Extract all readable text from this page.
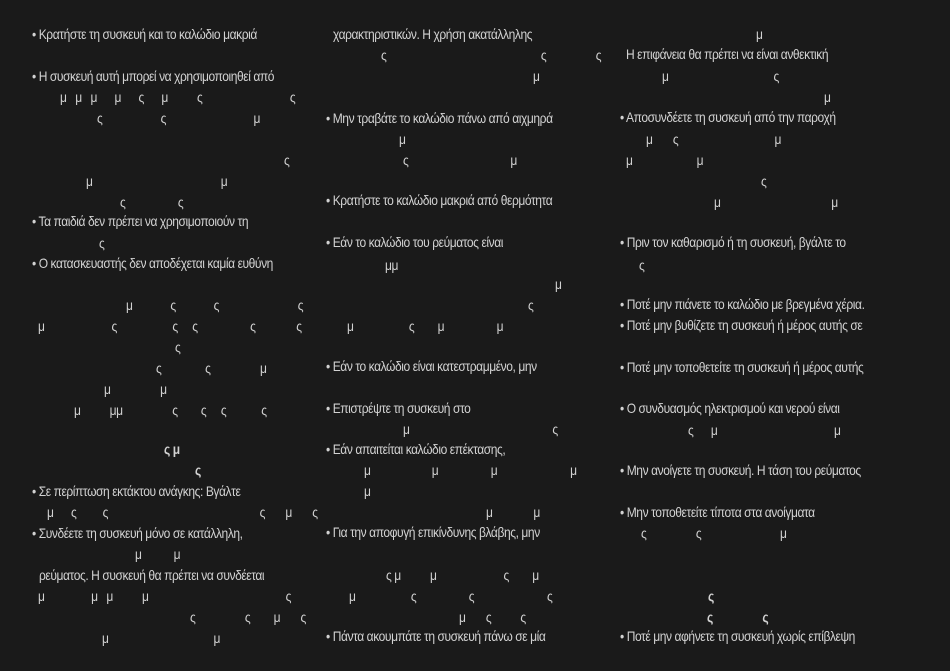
• Κρατήστε τη συσκευή και το καλώδιο μακριά
• Η συσκευή αυτή μπορεί να χρησιμοποιηθεί από
μ   μ   μ      μ      ς      μ          ς                              ς
ς                    ς                              μ
ς
μ                                            μ
ς                  ς
• Τα παιδιά δεν πρέπει να χρησιμοποιούν τη
ς
• Ο κατασκευαστής δεν αποδέχεται καμία ευθύνη
μ             ς             ς                           ς
μ                       ς                   ς     ς                  ς              ς
ς
ς               ς                 μ
μ                 μ
μ          μμ                 ς        ς     ς            ς
ς μ
ς
• Σε περίπτωση εκτάκτου ανάγκης: Βγάλτε
μ      ς         ς                                                    ς       μ       ς
• Συνδέετε τη συσκευή μόνο σε κατάλληλη,
μ           μ
ρεύματος. Η συσκευή θα πρέπει να συνδέεται
μ                μ   μ          μ                                               ς
ς                 ς        μ       ς
μ                                    μ
χαρακτηριστικών. Η χρήση ακατάλληλης
ς                                                     ς                 ς
μ
• Μην τραβάτε το καλώδιο πάνω από αιχμηρά
μ
ς                                   μ
• Κρατήστε το καλώδιο μακριά από θερμότητα
• Εάν το καλώδιο του ρεύματος είναι
μμ
μ
ς
μ                   ς        μ                  μ
• Εάν το καλώδιο είναι κατεστραμμένο, μην
• Επιστρέψτε τη συσκευή στο
μ                                                 ς
• Εάν απαιτείται καλώδιο επέκτασης,
μ                     μ                  μ                         μ
μ
μ              μ
• Για την αποφυγή επικίνδυνης βλάβης, μην
ς μ          μ                       ς        μ
μ                   ς                  ς                         ς
μ       ς          ς
• Πάντα ακουμπάτε τη συσκευή πάνω σε μία
μ
Η επιφάνεια θα πρέπει να είναι ανθεκτική
μ                                    ς
μ
• Αποσυνδέετε τη συσκευή από την παροχή
μ       ς                                 μ
μ                      μ
ς
μ                                      μ
• Πριν τον καθαρισμό ή τη συσκευή, βγάλτε το
ς
• Ποτέ μην πιάνετε το καλώδιο με βρεγμένα χέρια.
• Ποτέ μην βυθίζετε τη συσκευή ή μέρος αυτής σε
• Ποτέ μην τοποθετείτε τη συσκευή ή μέρος αυτής
• Ο συνδυασμός ηλεκτρισμού και νερού είναι
ς      μ                                        μ
• Μην ανοίγετε τη συσκευή. Η τάση του ρεύματος
• Μην τοποθετείτε τίποτα στα ανοίγματα
ς                 ς                           μ
ς
ς                 ς
• Ποτέ μην αφήνετε τη συσκευή χωρίς επίβλεψη
